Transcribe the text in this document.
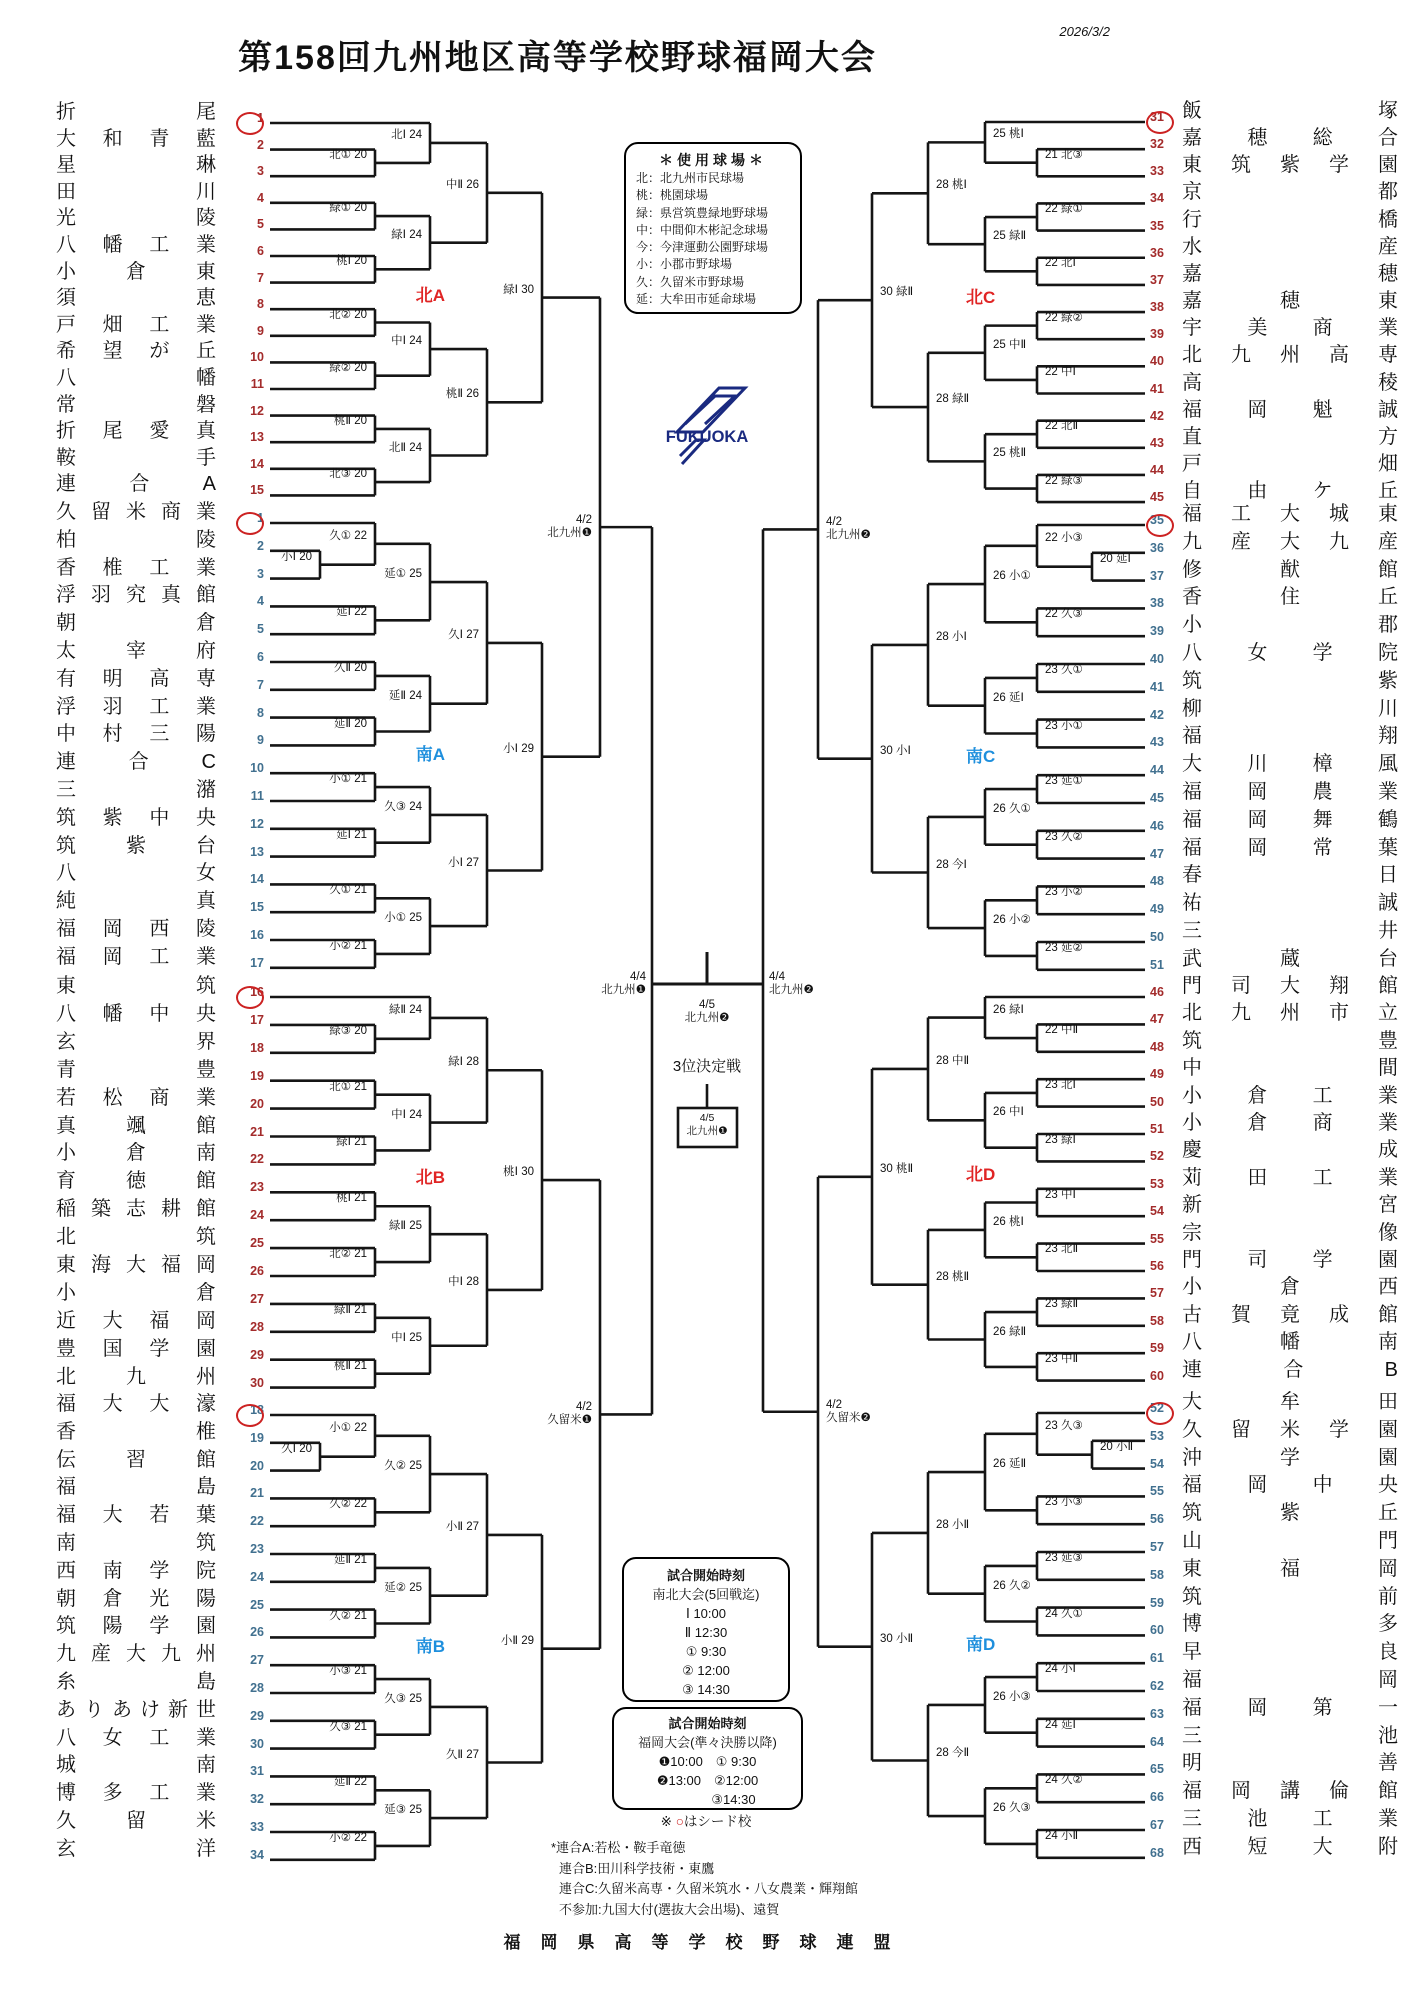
2026/3/2
第158回九州地区高等学校野球福岡大会
FUKUOKA
＊使用球場＊
北：北九州市民球場
桃：桃園球場
緑：県営筑豊緑地野球場
中：中間仰木彬記念球場
今：今津運動公園野球場
小：小郡市野球場
久：久留米市野球場
延：大牟田市延命球場
試合開始時刻
南北大会(5回戦迄)
Ⅰ 10:00
Ⅱ 12:30
① 9:30
② 12:00
③ 14:30
試合開始時刻
福岡大会(準々決勝以降)
❶10:00　① 9:30
❷13:00　②12:00
　　　　③14:30
※ ○はシード校
*連合A:若松・鞍手竜徳
連合B:田川科学技術・東鷹
連合C:久留米高専・久留米筑水・八女農業・輝翔館
不参加:九国大付(選抜大会出場)、遠賀
福岡県高等学校野球連盟
1
折	尾
2
大 和 青 藍
3
星	琳
4
田	川
5
光	陵
6
八 幡 工 業
7
小	倉	東
8
須	恵
9
戸 畑 工 業
10
希 望 が 丘
11
八	幡
12
常	磐
13
折 尾 愛 真
14
鞍	手
15
連	合	A
北① 20
緑① 20
桃Ⅰ 20
北② 20
緑② 20
桃Ⅱ 20
北③ 20
北Ⅰ 24
緑Ⅰ 24
中Ⅰ 24
北Ⅱ 24
中Ⅱ 26
桃Ⅱ 26
緑Ⅰ 30
北A
1
久 留 米 商 業
2
柏	陵
3
香 椎 工 業
4
浮 羽 究 真 館
5
朝	倉
6
太	宰	府
7
有 明 高 専
8
浮 羽 工 業
9
中 村 三 陽
10
連	合	C
11
三	潴
12
筑 紫 中 央
13
筑	紫	台
14
八	女
15
純	真
16
福 岡 西 陵
17
福 岡 工 業
小Ⅰ 20
久① 22
延Ⅰ 22
久Ⅱ 20
延Ⅱ 20
小① 21
延Ⅰ 21
久① 21
小② 21
延① 25
延Ⅱ 24
久③ 24
小① 25
久Ⅰ 27
小Ⅰ 27
小Ⅰ 29
南A
16
東	筑
17
八 幡 中 央
18
玄	界
19
青	豊
20
若 松 商 業
21
真	颯	館
22
小	倉	南
23
育	徳	館
24
稲 築 志 耕 館
25
北	筑
26
東 海 大 福 岡
27
小	倉
28
近 大 福 岡
29
豊 国 学 園
30
北	九	州
緑③ 20
北① 21
緑Ⅰ 21
桃Ⅰ 21
北② 21
緑Ⅱ 21
桃Ⅱ 21
緑Ⅱ 24
中Ⅰ 24
緑Ⅱ 25
中Ⅰ 25
緑Ⅰ 28
中Ⅰ 28
桃Ⅰ 30
北B
18
福 大 大 濠
19
香	椎
20
伝	習	館
21
福	島
22
福 大 若 葉
23
南	筑
24
西 南 学 院
25
朝 倉 光 陽
26
筑 陽 学 園
27
九 産 大 九 州
28
糸	島
29
あ り あ け 新 世
30
八 女 工 業
31
城	南
32
博 多 工 業
33
久	留	米
34
玄	洋
久Ⅰ 20
小① 22
久② 22
延Ⅱ 21
久② 21
小③ 21
久③ 21
延Ⅱ 22
小② 22
久② 25
延② 25
久③ 25
延③ 25
小Ⅱ 27
久Ⅱ 27
小Ⅱ 29
南B
31 飯	塚
32 嘉 穂 総 合
33 東 筑 紫 学 園
34 京	都
35 行	橋
36 水	産
37 嘉	穂
38 嘉	穂	東
39 宇 美 商 業
40 北 九 州 高 専
41 高	稜
42 福 岡 魁 誠
43 直	方
44 戸	畑
45 自 由 ケ 丘
21 北③
22 緑①
22 北Ⅰ
22 緑②
22 中Ⅰ
22 北Ⅱ
22 緑③
25 桃Ⅰ
25 緑Ⅱ
25 中Ⅱ
25 桃Ⅱ
28 桃Ⅰ
28 緑Ⅱ
30 緑Ⅱ	北C
35 福 工 大 城 東
36 九 産 大 九 産
37 修	猷	館
38 香	住	丘
39 小	郡
40 八 女 学 院
41 筑	紫
42 柳	川
43 福	翔
44 大 川 樟 風
45 福 岡 農 業
46 福 岡 舞 鶴
47 福 岡 常 葉
48 春	日
49 祐	誠
50 三	井
51 武	蔵	台
20 延Ⅰ
22 小③
22 久③
23 久①
23 小①
23 延①
23 久②
23 小②
23 延②
26 小①
26 延Ⅰ
26 久①
26 小②
28 小Ⅰ
28 今Ⅰ
30 小Ⅰ	南C
46 門 司 大 翔 館
47 北 九 州 市 立
48 筑	豊
49 中	間
50 小 倉 工 業
51 小 倉 商 業
52 慶	成
53 苅 田 工 業
54 新	宮
55 宗	像
56 門 司 学 園
57 小	倉	西
58 古 賀 竟 成 館
59 八	幡	南
60 連	合	B
22 中Ⅱ
23 北Ⅰ
23 緑Ⅰ
23 中Ⅰ
23 北Ⅱ
23 緑Ⅱ
23 中Ⅱ
26 緑Ⅰ
26 中Ⅰ
26 桃Ⅰ
26 緑Ⅱ
28 中Ⅱ
28 桃Ⅱ
30 桃Ⅱ	北D
52 大	牟	田
53 久 留 米 学 園
54 沖	学	園
55 福 岡 中 央
56 筑	紫	丘
57 山	門
58 東	福	岡
59 筑	前
60 博	多
61 早	良
62 福	岡
63 福 岡 第 一
64 三	池
65 明	善
66 福 岡 講 倫 館
67 三 池 工 業
68 西 短 大 附
20 小Ⅱ
23 久③
23 小③
23 延③
24 久①
24 小Ⅰ
24 延Ⅰ
24 久②
24 小Ⅱ
26 延Ⅱ
26 久②
26 小③
26 久③
28 小Ⅱ
28 今Ⅱ
30 小Ⅱ	南D
4/2
北九州❶
4/2
久留米❶
4/2
北九州❷
4/2
久留米❷
4/4
北九州❶
4/4
北九州❷
4/5
北九州❷
3位決定戦
4/5
北九州❶
